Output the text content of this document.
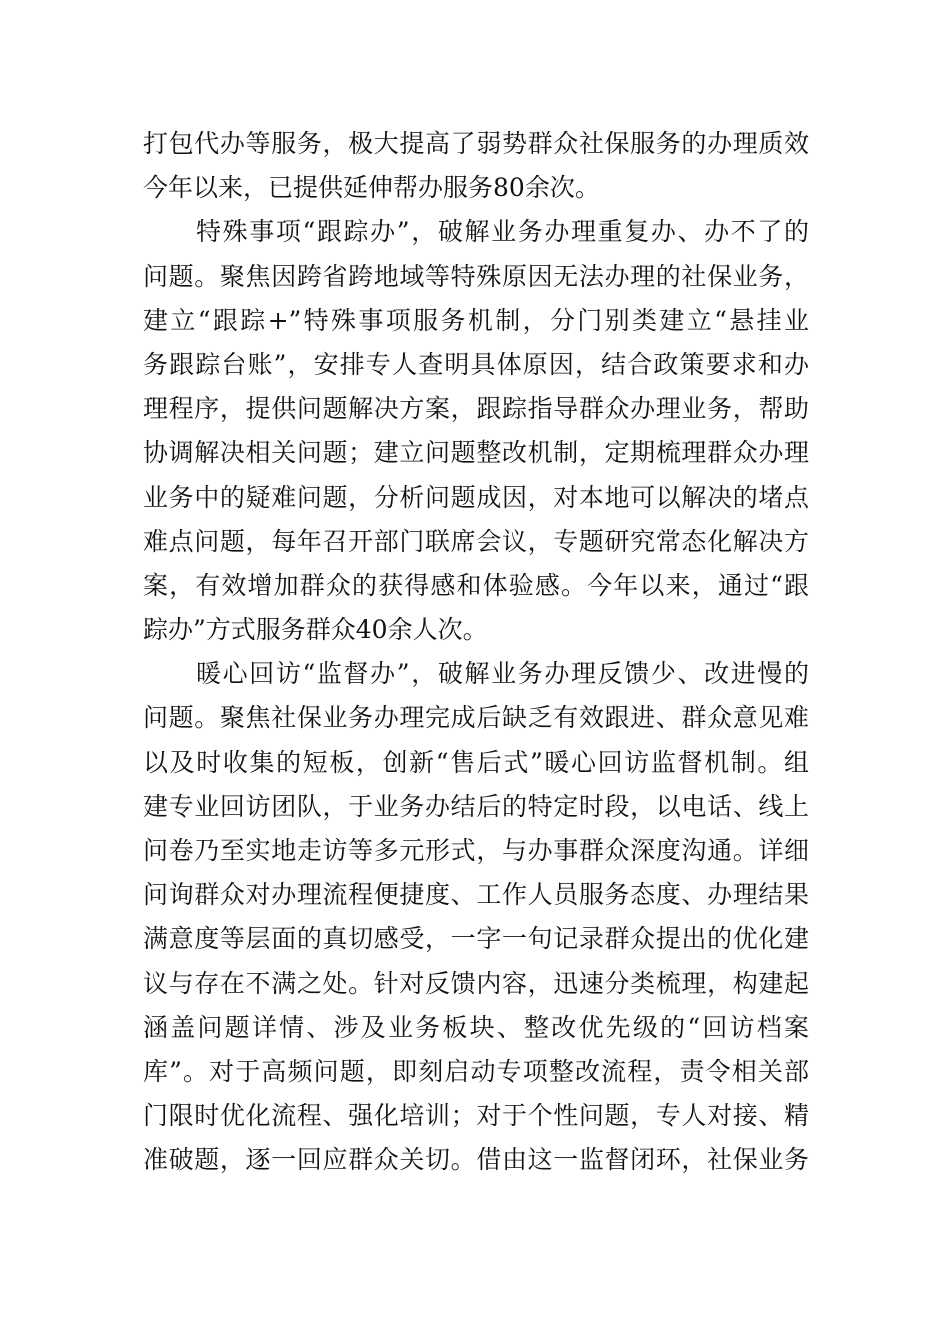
打包代办等服务，极大提高了弱势群众社保服务的办理质效
今年以来，已提供延伸帮办服务80余次。
特殊事项“跟踪办”，破解业务办理重复办、办不了的
问题。聚焦因跨省跨地域等特殊原因无法办理的社保业务，
建立“跟踪+”特殊事项服务机制，分门别类建立“悬挂业
务跟踪台账”，安排专人查明具体原因，结合政策要求和办
理程序，提供问题解决方案，跟踪指导群众办理业务，帮助
协调解决相关问题；建立问题整改机制，定期梳理群众办理
业务中的疑难问题，分析问题成因，对本地可以解决的堵点
难点问题，每年召开部门联席会议，专题研究常态化解决方
案，有效增加群众的获得感和体验感。今年以来，通过“跟
踪办”方式服务群众40余人次。
暖心回访“监督办”，破解业务办理反馈少、改进慢的
问题。聚焦社保业务办理完成后缺乏有效跟进、群众意见难
以及时收集的短板，创新“售后式”暖心回访监督机制。组
建专业回访团队，于业务办结后的特定时段，以电话、线上
问卷乃至实地走访等多元形式，与办事群众深度沟通。详细
问询群众对办理流程便捷度、工作人员服务态度、办理结果
满意度等层面的真切感受，一字一句记录群众提出的优化建
议与存在不满之处。针对反馈内容，迅速分类梳理，构建起
涵盖问题详情、涉及业务板块、整改优先级的“回访档案
库”。对于高频问题，即刻启动专项整改流程，责令相关部
门限时优化流程、强化培训；对于个性问题，专人对接、精
准破题，逐一回应群众关切。借由这一监督闭环，社保业务
